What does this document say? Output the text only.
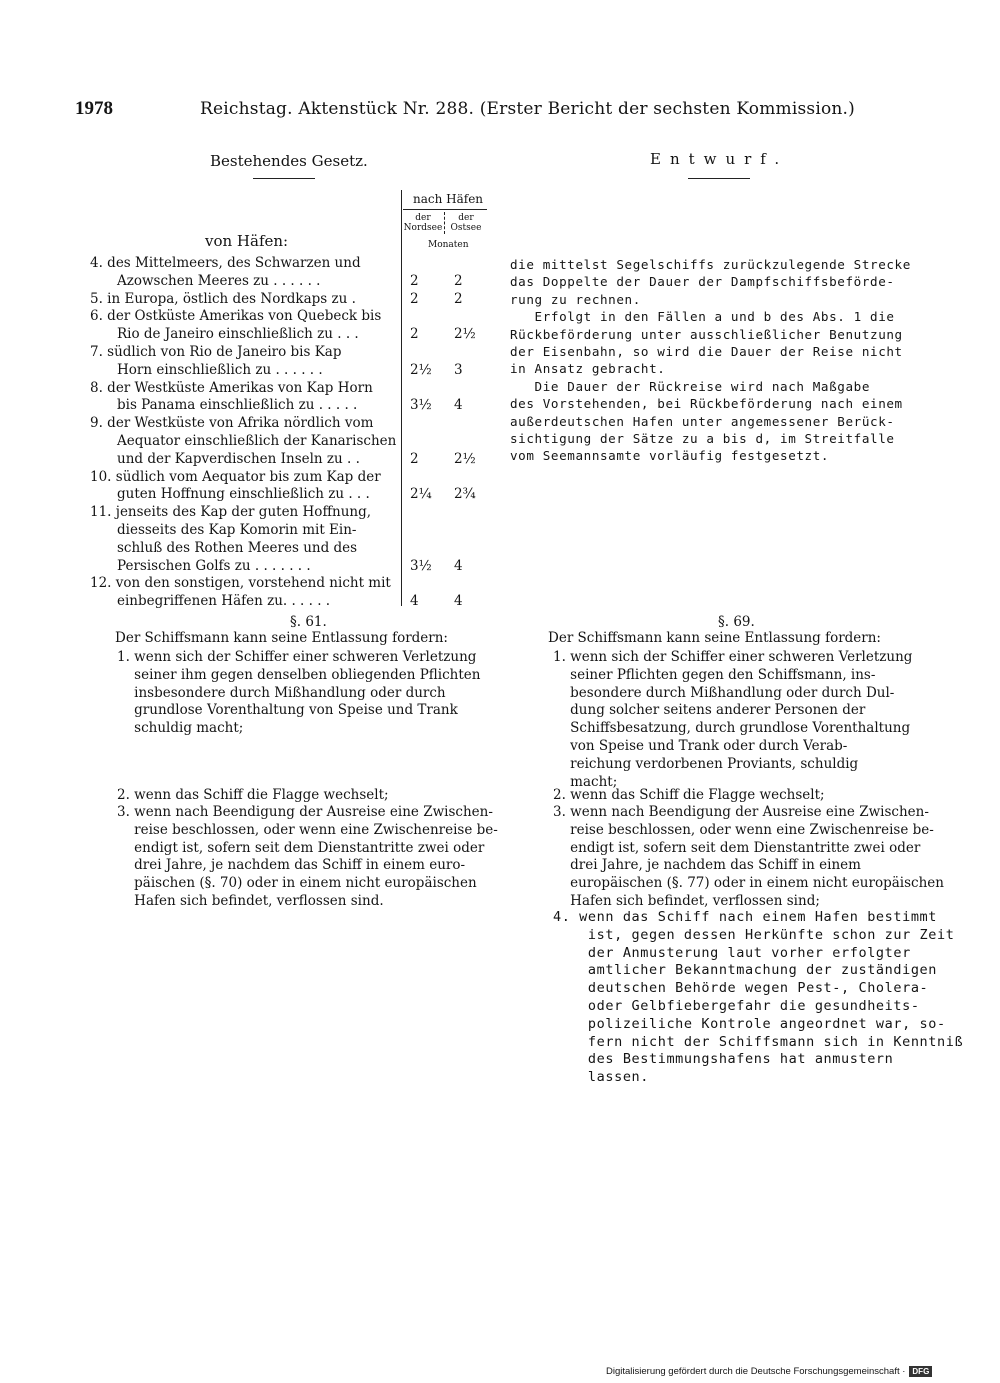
1978	Reichstag. Aktenstück Nr. 288. (Erster Bericht der sechsten Kommission.)
Bestehendes Gesetz.	Entwurf.
nach Häfen
der Nordsee
der Ostsee
Monaten
von Häfen:
4. des Mittelmeers, des Schwarzen und
Azowschen Meeres zu . . . . . .	2	2
5. in Europa, östlich des Nordkaps zu .	2	2
6. der Ostküste Amerikas von Quebeck bis
Rio de Janeiro einschließlich zu . . .	2	2½
7. südlich von Rio de Janeiro bis Kap
Horn einschließlich zu . . . . . .	2½ 3
8. der Westküste Amerikas von Kap Horn
bis Panama einschließlich zu . . . . .	3½ 4
9. der Westküste von Afrika nördlich vom
Aequator einschließlich der Kanarischen
und der Kapverdischen Inseln zu . .	2	2½
10. südlich vom Aequator bis zum Kap der
guten Hoffnung einschließlich zu . . .	2¼ 2¾
11. jenseits des Kap der guten Hoffnung,
diesseits des Kap Komorin mit Ein-
schluß des Rothen Meeres und des
Persischen Golfs zu . . . . . . .	3½ 4
12. von den sonstigen, vorstehend nicht mit
einbegriffenen Häfen zu. . . . . .	4	4
die mittelst Segelschiffs zurückzulegende Strecke
das Doppelte der Dauer der Dampfschiffsbeförde-
rung zu rechnen.
Erfolgt in den Fällen a und b des Abs. 1 die
Rückbeförderung unter ausschließlicher Benutzung
der Eisenbahn, so wird die Dauer der Reise nicht
in Ansatz gebracht.
Die Dauer der Rückreise wird nach Maßgabe
des Vorstehenden, bei Rückbeförderung nach einem
außerdeutschen Hafen unter angemessener Berück-
sichtigung der Sätze zu a bis d, im Streitfalle
vom Seemannsamte vorläufig festgesetzt.
§. 61.
Der Schiffsmann kann seine Entlassung fordern:
1. wenn sich der Schiffer einer schweren Verletzung
seiner ihm gegen denselben obliegenden Pflichten
insbesondere durch Mißhandlung oder durch
grundlose Vorenthaltung von Speise und Trank
schuldig macht;
2. wenn das Schiff die Flagge wechselt;
3. wenn nach Beendigung der Ausreise eine Zwischen-
reise beschlossen, oder wenn eine Zwischenreise be-
endigt ist, sofern seit dem Dienstantritte zwei oder
drei Jahre, je nachdem das Schiff in einem euro-
päischen (§. 70) oder in einem nicht europäischen
Hafen sich befindet, verflossen sind.
§. 69.
Der Schiffsmann kann seine Entlassung fordern:
1. wenn sich der Schiffer einer schweren Verletzung
seiner Pflichten gegen den Schiffsmann, ins-
besondere durch Mißhandlung oder durch Dul-
dung solcher seitens anderer Personen der
Schiffsbesatzung, durch grundlose Vorenthaltung
von Speise und Trank oder durch Verab-
reichung verdorbenen Proviants, schuldig
macht;
2. wenn das Schiff die Flagge wechselt;
3. wenn nach Beendigung der Ausreise eine Zwischen-
reise beschlossen, oder wenn eine Zwischenreise be-
endigt ist, sofern seit dem Dienstantritte zwei oder
drei Jahre, je nachdem das Schiff in einem
europäischen (§. 77) oder in einem nicht europäischen
Hafen sich befindet, verflossen sind;
4. wenn das Schiff nach einem Hafen bestimmt
ist, gegen dessen Herkünfte schon zur Zeit
der Anmusterung laut vorher erfolgter
amtlicher Bekanntmachung der zuständigen
deutschen Behörde wegen Pest-, Cholera-
oder Gelbfiebergefahr die gesundheits-
polizeiliche Kontrole angeordnet war, so-
fern nicht der Schiffsmann sich in Kenntniß
des Bestimmungshafens hat anmustern
lassen.
Digitalisierung gefördert durch die Deutsche Forschungsgemeinschaft · DFG
